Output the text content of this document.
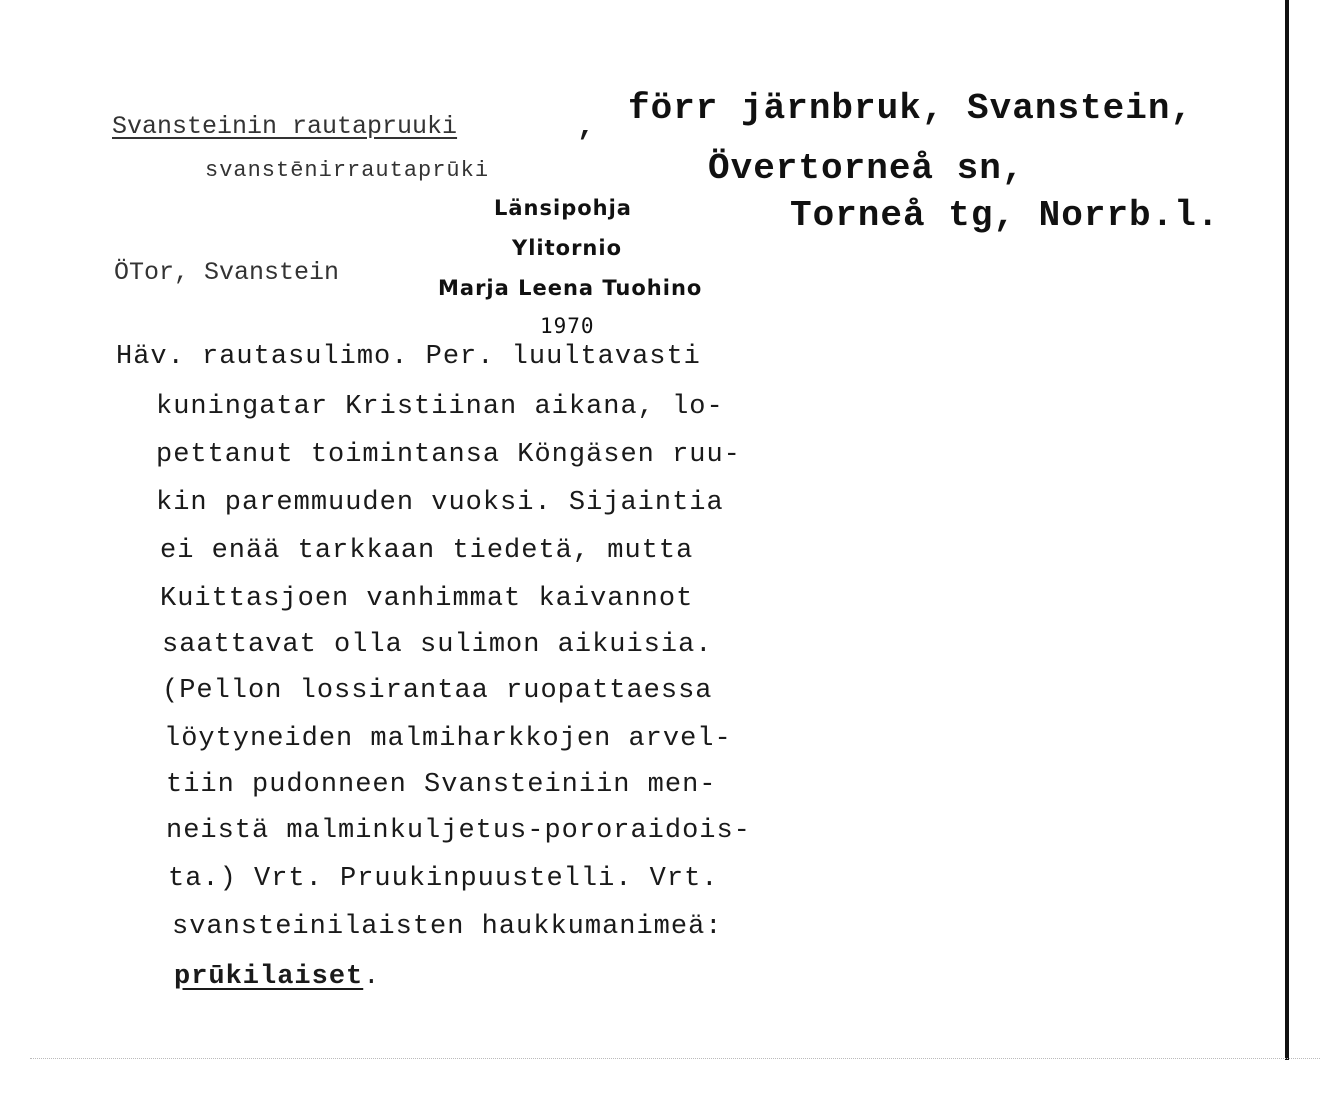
Svansteinin rautapruuki	,
svanstēnirrautaprūki
förr järnbruk, Svanstein,
Övertorneå sn,
Torneå tg, Norrb.l.
Länsipohja
Ylitornio
Marja Leena Tuohino
1970
ÖTor, Svanstein
Häv. rautasulimo. Per. luultavasti
kuningatar Kristiinan aikana, lo-
pettanut toimintansa Köngäsen ruu-
kin paremmuuden vuoksi. Sijaintia
ei enää tarkkaan tiedetä, mutta
Kuittasjoen vanhimmat kaivannot
saattavat olla sulimon aikuisia.
(Pellon lossirantaa ruopattaessa
löytyneiden malmiharkkojen arvel-
tiin pudonneen Svansteiniin men-
neistä malminkuljetus-pororaidois-
ta.) Vrt. Pruukinpuustelli. Vrt.
svansteinilaisten haukkumanimeä:
prūkilaiset.
